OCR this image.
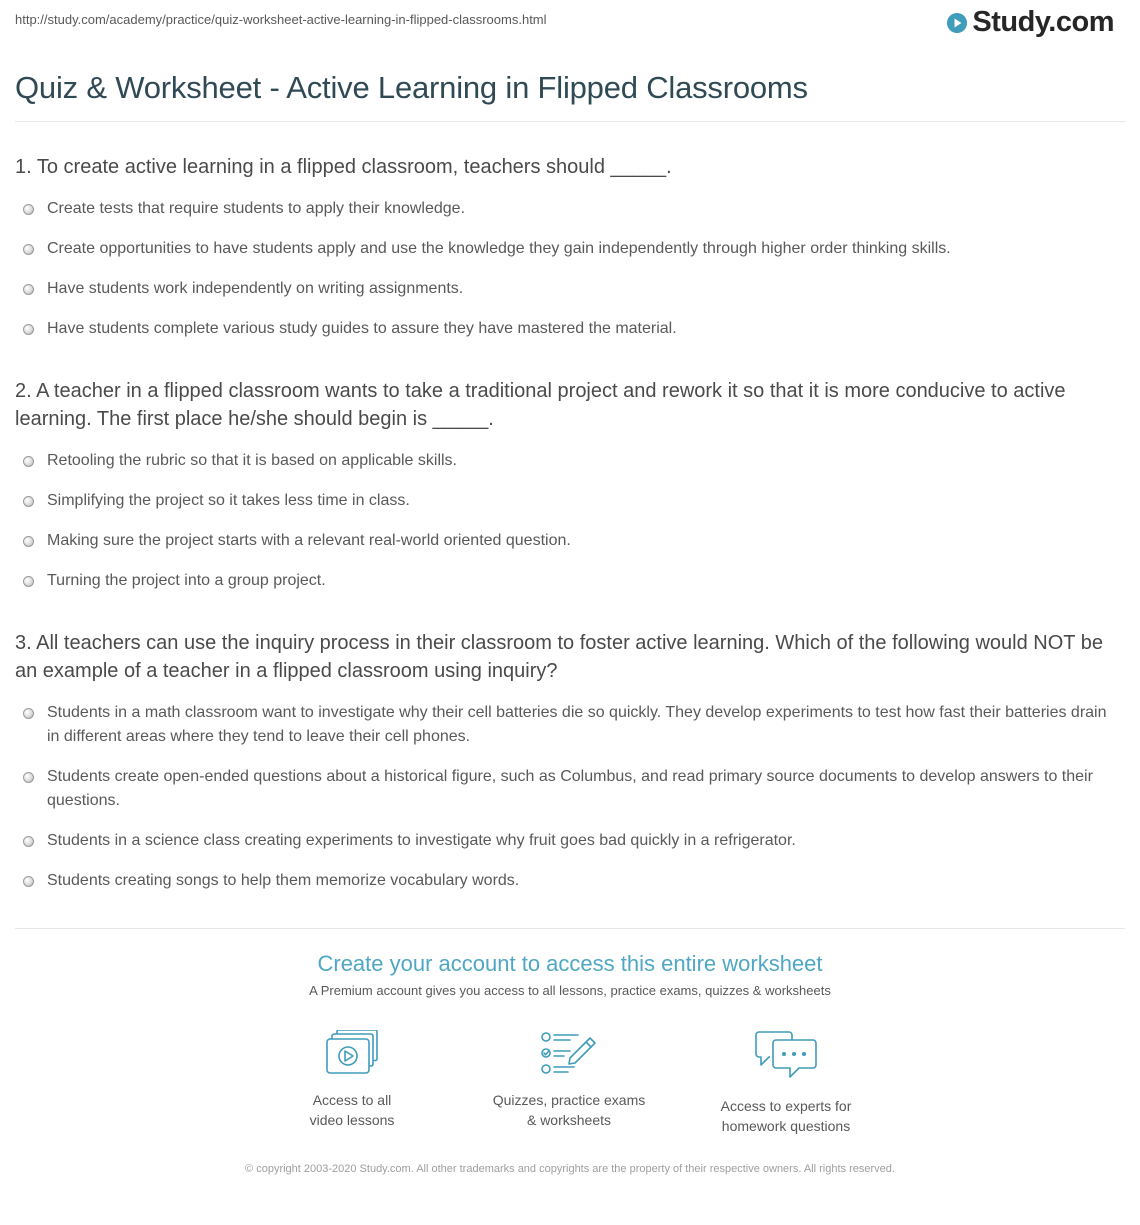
http://study.com/academy/practice/quiz-worksheet-active-learning-in-flipped-classrooms.html	Study.com
Quiz & Worksheet - Active Learning in Flipped Classrooms

1. To create active learning in a flipped classroom, teachers should _____.

Create tests that require students to apply their knowledge.
Create opportunities to have students apply and use the knowledge they gain independently through higher order thinking skills.
Have students work independently on writing assignments.
Have students complete various study guides to assure they have mastered the material.

2. A teacher in a flipped classroom wants to take a traditional project and rework it so that it is more conducive to active learning. The first place he/she should begin is _____.

Retooling the rubric so that it is based on applicable skills.
Simplifying the project so it takes less time in class.
Making sure the project starts with a relevant real-world oriented question.
Turning the project into a group project.

3. All teachers can use the inquiry process in their classroom to foster active learning. Which of the following would NOT be an example of a teacher in a flipped classroom using inquiry?

Students in a math classroom want to investigate why their cell batteries die so quickly. They develop experiments to test how fast their batteries drain in different areas where they tend to leave their cell phones.
Students create open-ended questions about a historical figure, such as Columbus, and read primary source documents to develop answers to their questions.
Students in a science class creating experiments to investigate why fruit goes bad quickly in a refrigerator.
Students creating songs to help them memorize vocabulary words.
Create your account to access this entire worksheet
A Premium account gives you access to all lessons, practice exams, quizzes & worksheets
Access to all
video lessons
Quizzes, practice exams
& worksheets
Access to experts for
homework questions
© copyright 2003-2020 Study.com. All other trademarks and copyrights are the property of their respective owners. All rights reserved.
